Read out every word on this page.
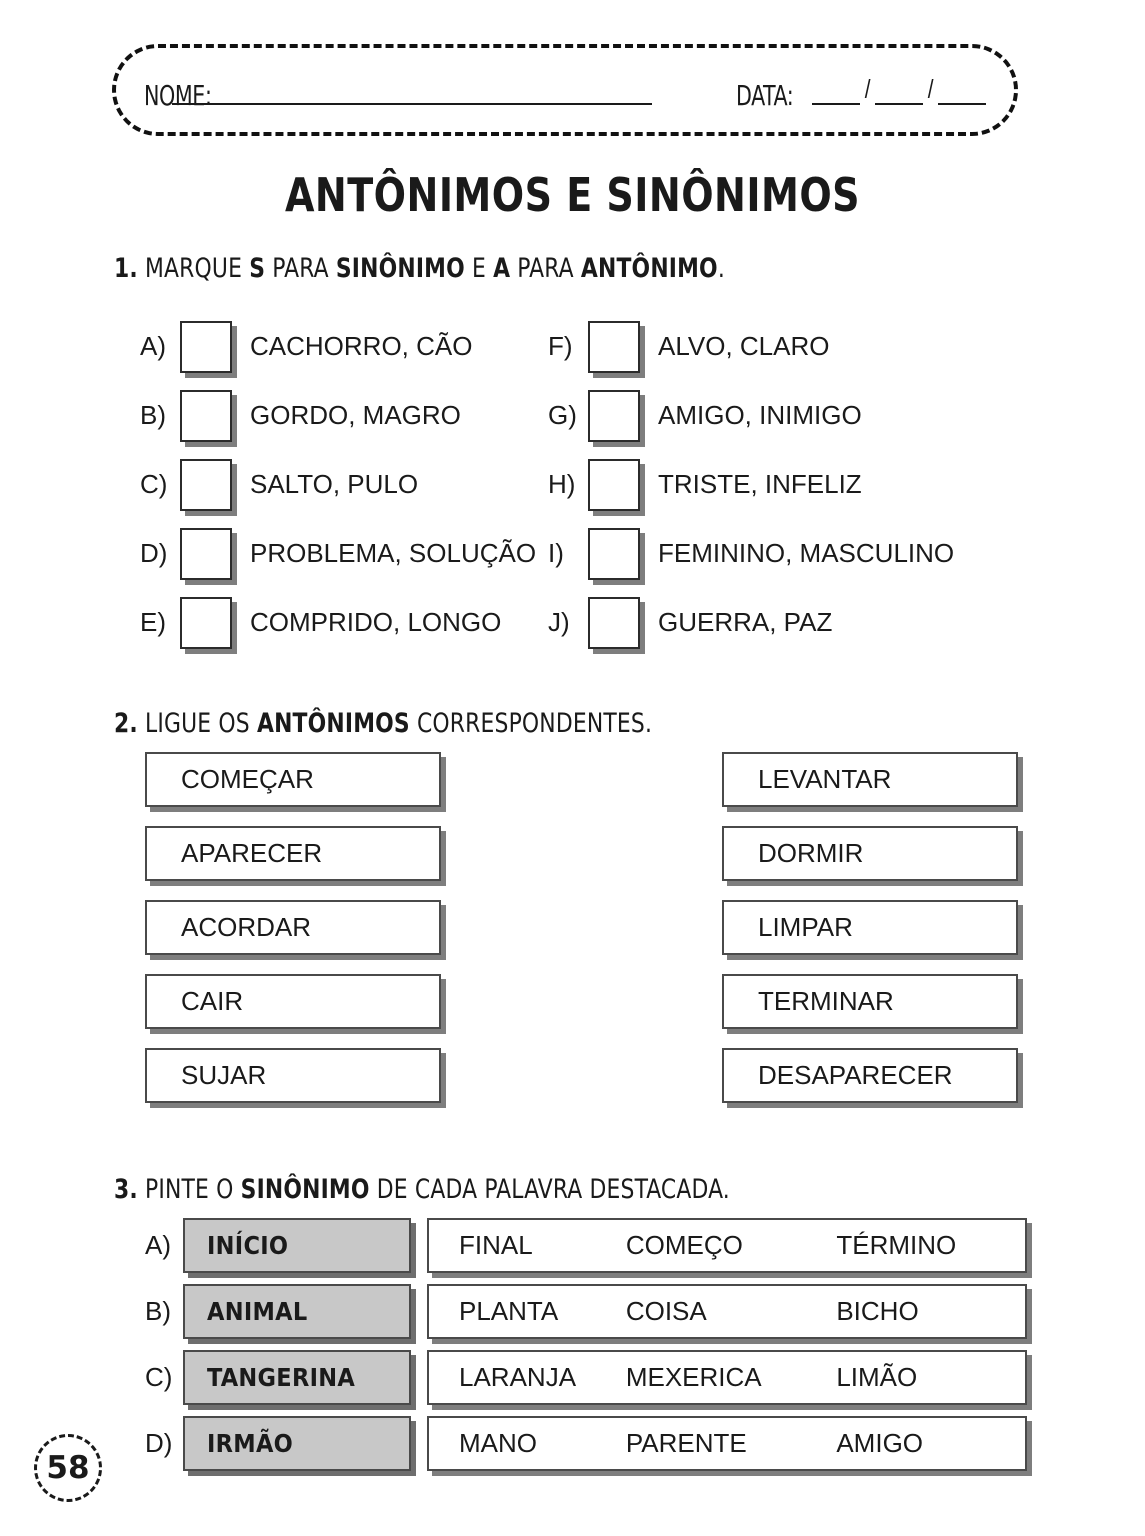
NOME:	DATA:	/ /
ANTÔNIMOS E SINÔNIMOS
1. MARQUE S PARA SINÔNIMO E A PARA ANTÔNIMO.
A)	CACHORRO, CÃO
B)	GORDO, MAGRO
C)	SALTO, PULO
D)	PROBLEMA, SOLUÇÃO
E)	COMPRIDO, LONGO
F)	ALVO, CLARO
G)	AMIGO, INIMIGO
H)	TRISTE, INFELIZ
I)	FEMININO, MASCULINO
J)	GUERRA, PAZ
2. LIGUE OS ANTÔNIMOS CORRESPONDENTES.
COMEÇAR
APARECER
ACORDAR
CAIR
SUJAR
LEVANTAR
DORMIR
LIMPAR
TERMINAR
DESAPARECER
3. PINTE O SINÔNIMO DE CADA PALAVRA DESTACADA.
A)	INÍCIO	FINAL	COMEÇO	TÉRMINO
B)	ANIMAL	PLANTA	COISA	BICHO
C)	TANGERINA	LARANJA	MEXERICA	LIMÃO
D)	IRMÃO	MANO	PARENTE	AMIGO
58
